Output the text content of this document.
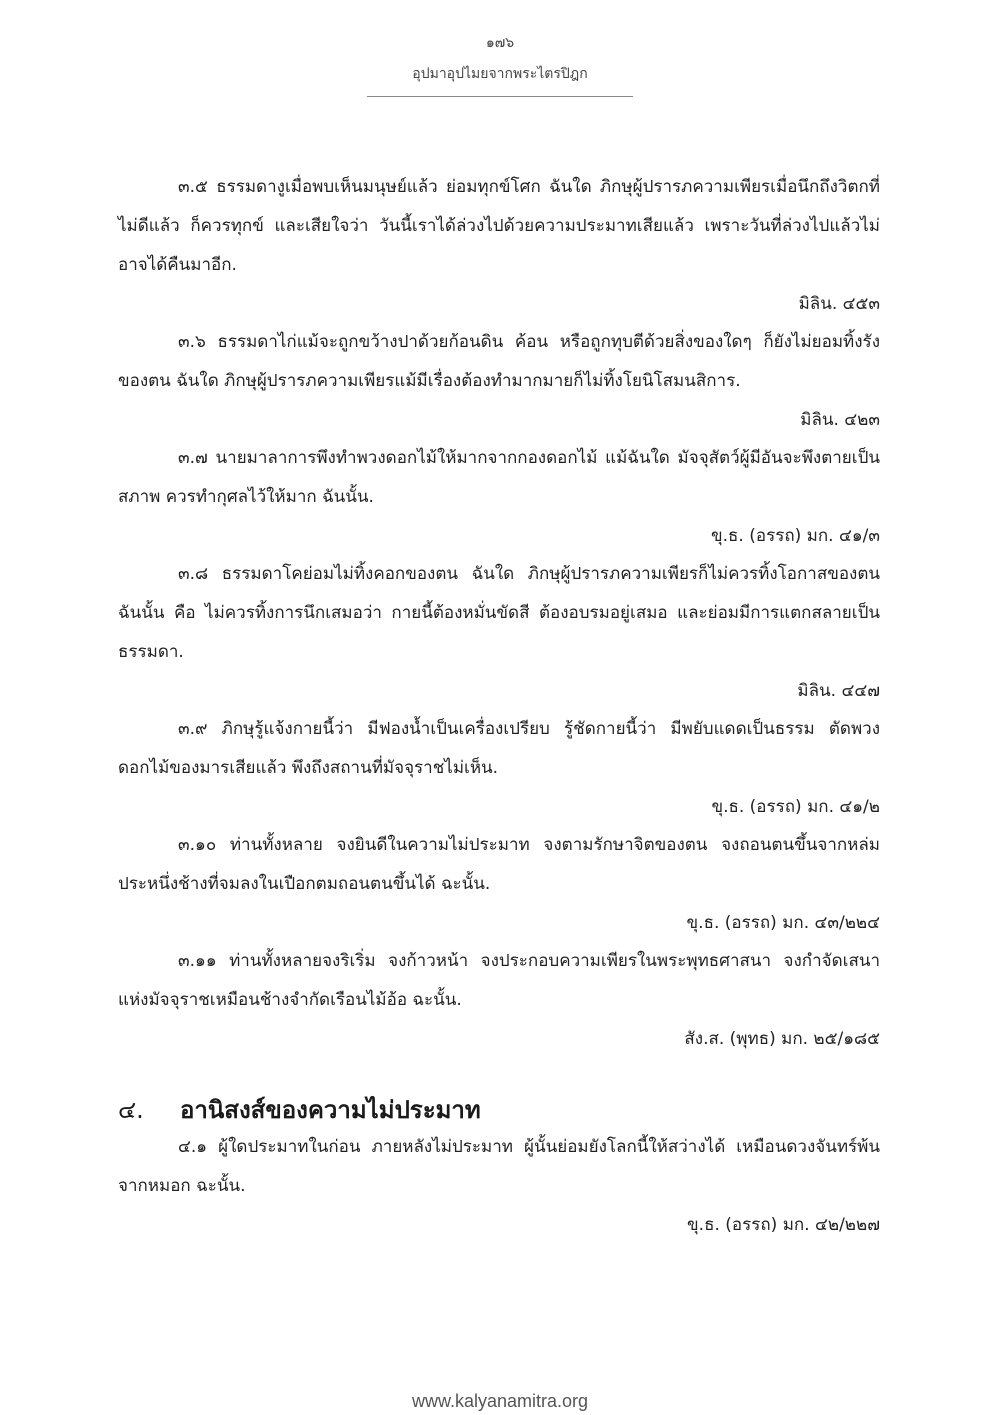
๑๗๖
อุปมาอุปไมยจากพระไตรปิฎก

๓.๕ ธรรมดางูเมื่อพบเห็นมนุษย์แล้ว ย่อมทุกข์โศก ฉันใด ภิกษุผู้ปรารภความเพียรเมื่อนึกถึงวิตกที่ไม่ดีแล้ว ก็ควรทุกข์ และเสียใจว่า วันนี้เราได้ล่วงไปด้วยความประมาทเสียแล้ว เพราะวันที่ล่วงไปแล้วไม่อาจได้คืนมาอีก.

มิลิน. ๔๕๓

๓.๖ ธรรมดาไก่แม้จะถูกขว้างปาด้วยก้อนดิน ค้อน หรือถูกทุบตีด้วยสิ่งของใดๆ ก็ยังไม่ยอมทิ้งรังของตน ฉันใด ภิกษุผู้ปรารภความเพียรแม้มีเรื่องต้องทำมากมายก็ไม่ทิ้งโยนิโสมนสิการ.

มิลิน. ๔๒๓

๓.๗ นายมาลาการพึงทำพวงดอกไม้ให้มากจากกองดอกไม้ แม้ฉันใด มัจจุสัตว์ผู้มีอันจะพึงตายเป็นสภาพ ควรทำกุศลไว้ให้มาก ฉันนั้น.

ขุ.ธ. (อรรถ) มก. ๔๑/๓

๓.๘ ธรรมดาโคย่อมไม่ทิ้งคอกของตน ฉันใด ภิกษุผู้ปรารภความเพียรก็ไม่ควรทิ้งโอกาสของตน ฉันนั้น คือ ไม่ควรทิ้งการนึกเสมอว่า กายนี้ต้องหมั่นขัดสี ต้องอบรมอยู่เสมอ และย่อมมีการแตกสลายเป็นธรรมดา.

มิลิน. ๔๔๗

๓.๙ ภิกษุรู้แจ้งกายนี้ว่า มีฟองน้ำเป็นเครื่องเปรียบ รู้ชัดกายนี้ว่า มีพยับแดดเป็นธรรม ตัดพวงดอกไม้ของมารเสียแล้ว พึงถึงสถานที่มัจจุราชไม่เห็น.

ขุ.ธ. (อรรถ) มก. ๔๑/๒

๓.๑๐ ท่านทั้งหลาย จงยินดีในความไม่ประมาท จงตามรักษาจิตของตน จงถอนตนขึ้นจากหล่ม ประหนึ่งช้างที่จมลงในเปือกตมถอนตนขึ้นได้ ฉะนั้น.

ขุ.ธ. (อรรถ) มก. ๔๓/๒๒๔

๓.๑๑ ท่านทั้งหลายจงริเริ่ม จงก้าวหน้า จงประกอบความเพียรในพระพุทธศาสนา จงกำจัดเสนาแห่งมัจจุราชเหมือนช้างจำกัดเรือนไม้อ้อ ฉะนั้น.

สัง.ส. (พุทธ) มก. ๒๕/๑๘๕

๔.	อานิสงส์ของความไม่ประมาท

๔.๑ ผู้ใดประมาทในก่อน ภายหลังไม่ประมาท ผู้นั้นย่อมยังโลกนี้ให้สว่างได้ เหมือนดวงจันทร์พ้นจากหมอก ฉะนั้น.

ขุ.ธ. (อรรถ) มก. ๔๒/๒๒๗

www.kalyanamitra.org
